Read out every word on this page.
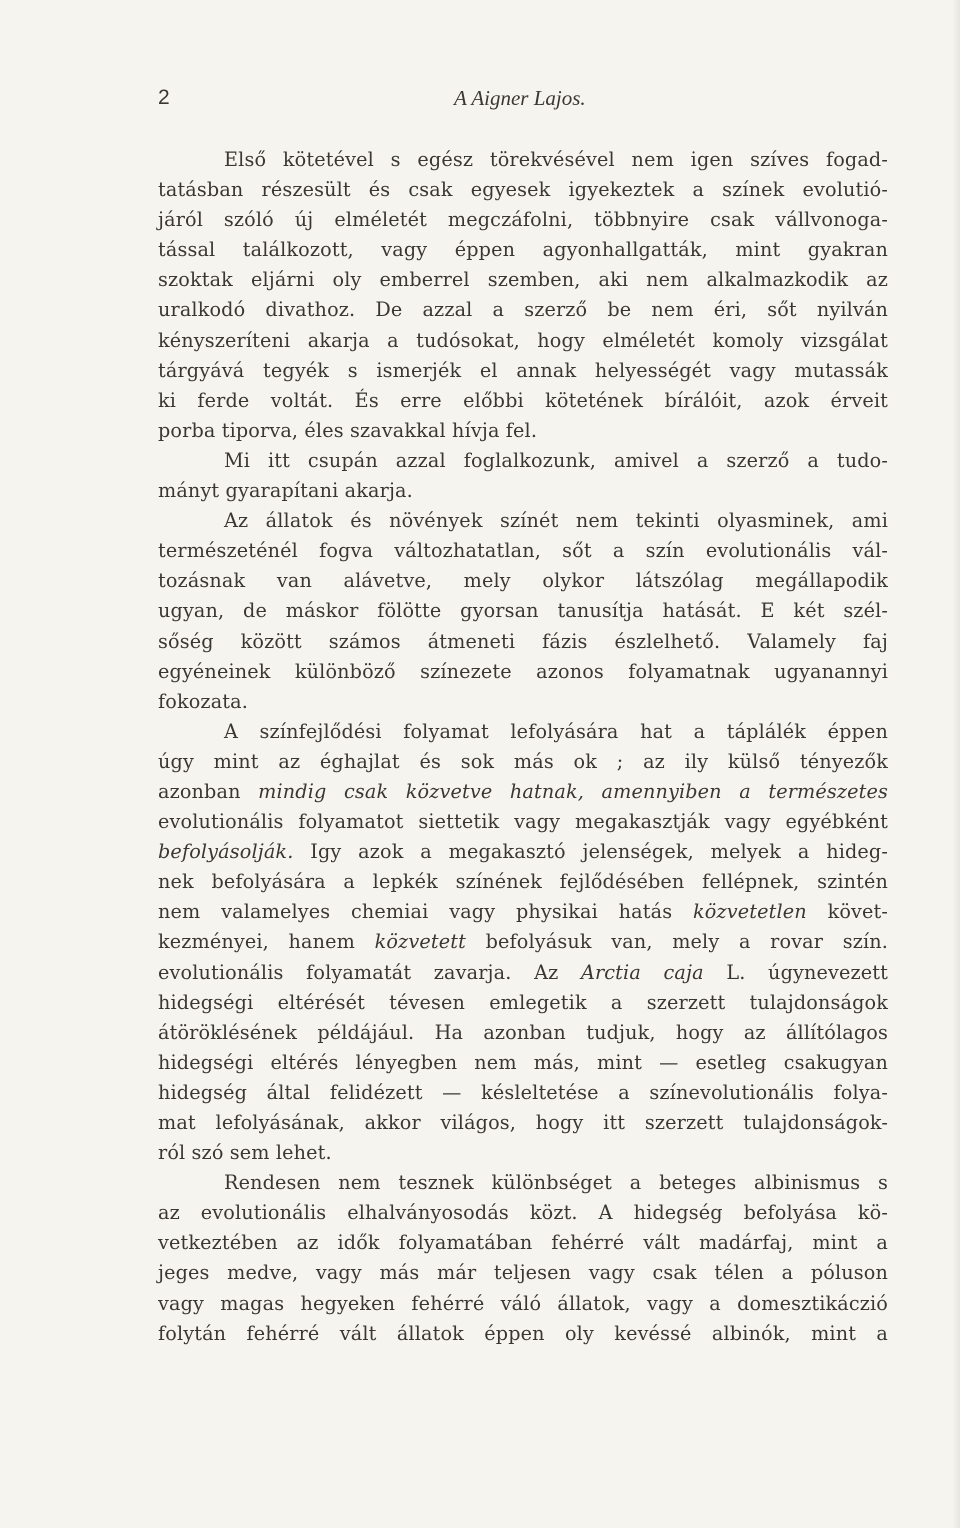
2	A Aigner Lajos.
Első kötetével s egész törekvésével nem igen szíves fogad-
tatásban részesült és csak egyesek igyekeztek a színek evolutió-
járól szóló új elméletét megczáfolni, többnyire csak vállvonoga-
tással találkozott, vagy éppen agyonhallgatták, mint gyakran
szoktak eljárni oly emberrel szemben, aki nem alkalmazkodik az
uralkodó divathoz. De azzal a szerző be nem éri, sőt nyilván
kényszeríteni akarja a tudósokat, hogy elméletét komoly vizsgálat
tárgyává tegyék s ismerjék el annak helyességét vagy mutassák
ki ferde voltát. És erre előbbi kötetének bírálóit, azok érveit
porba tiporva, éles szavakkal hívja fel.
Mi itt csupán azzal foglalkozunk, amivel a szerző a tudo-
mányt gyarapítani akarja.
Az állatok és növények színét nem tekinti olyasminek, ami
természeténél fogva változhatatlan, sőt a szín evolutionális vál-
tozásnak van alávetve, mely olykor látszólag megállapodik
ugyan, de máskor fölötte gyorsan tanusítja hatását. E két szél-
sőség között számos átmeneti fázis észlelhető. Valamely faj
egyéneinek különböző színezete azonos folyamatnak ugyanannyi
fokozata.
A színfejlődési folyamat lefolyására hat a táplálék éppen
úgy mint az éghajlat és sok más ok ; az ily külső tényezők
azonban mindig csak közvetve hatnak, amennyiben a természetes
evolutionális folyamatot siettetik vagy megakasztják vagy egyébként
befolyásolják. Igy azok a megakasztó jelenségek, melyek a hideg-
nek befolyására a lepkék színének fejlődésében fellépnek, szintén
nem valamelyes chemiai vagy physikai hatás közvetetlen követ-
kezményei, hanem közvetett befolyásuk van, mely a rovar szín.
evolutionális folyamatát zavarja. Az Arctia caja L. úgynevezett
hidegségi eltérését tévesen emlegetik a szerzett tulajdonságok
átöröklésének példájául. Ha azonban tudjuk, hogy az állítólagos
hidegségi eltérés lényegben nem más, mint — esetleg csakugyan
hidegség által felidézett — késleltetése a színevolutionális folya-
mat lefolyásának, akkor világos, hogy itt szerzett tulajdonságok-
ról szó sem lehet.
Rendesen nem tesznek különbséget a beteges albinismus s
az evolutionális elhalványosodás közt. A hidegség befolyása kö-
vetkeztében az idők folyamatában fehérré vált madárfaj, mint a
jeges medve, vagy más már teljesen vagy csak télen a póluson
vagy magas hegyeken fehérré váló állatok, vagy a domesztikáczió
folytán fehérré vált állatok éppen oly kevéssé albinók, mint a
